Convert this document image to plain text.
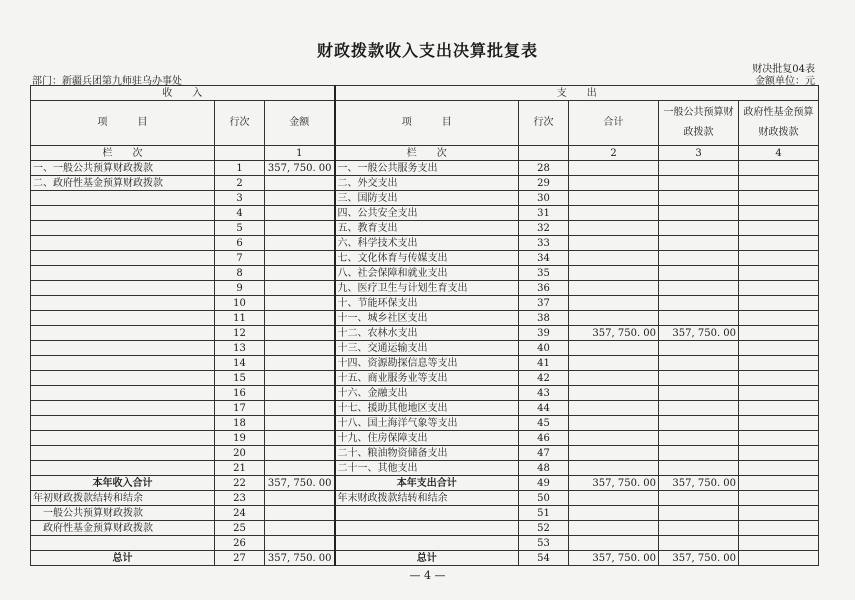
财政拨款收入支出决算批复表
财决批复04表
部门：新疆兵团第九师驻乌办事处	金额单位：元
收　　入			支　　出				
项　　　目	行次	金额	项　　　目	行次	合计	一般公共预算财政拨款	政府性基金预算财政拨款
栏　　次		1	栏　　次		2	3	4
一、一般公共预算财政拨款	1	357, 750. 00	一、一般公共服务支出	28			
二、政府性基金预算财政拨款	2		二、外交支出	29			
	3		三、国防支出	30			
	4		四、公共安全支出	31			
	5		五、教育支出	32			
	6		六、科学技术支出	33			
	7		七、文化体育与传媒支出	34			
	8		八、社会保障和就业支出	35			
	9		九、医疗卫生与计划生育支出	36			
	10		十、节能环保支出	37			
	11		十一、城乡社区支出	38			
	12		十二、农林水支出	39	357, 750. 00	357, 750. 00	
	13		十三、交通运输支出	40			
	14		十四、资源勘探信息等支出	41			
	15		十五、商业服务业等支出	42			
	16		十六、金融支出	43			
	17		十七、援助其他地区支出	44			
	18		十八、国土海洋气象等支出	45			
	19		十九、住房保障支出	46			
	20		二十、粮油物资储备支出	47			
	21		二十一、其他支出	48			
本年收入合计	22	357, 750. 00	本年支出合计	49	357, 750. 00	357, 750. 00	
年初财政拨款结转和结余	23		年末财政拨款结转和结余	50			
　一般公共预算财政拨款	24			51			
　政府性基金预算财政拨款	25			52			
	26			53			
总计	27	357, 750. 00	总计	54	357, 750. 00	357, 750. 00	
— 4 —
